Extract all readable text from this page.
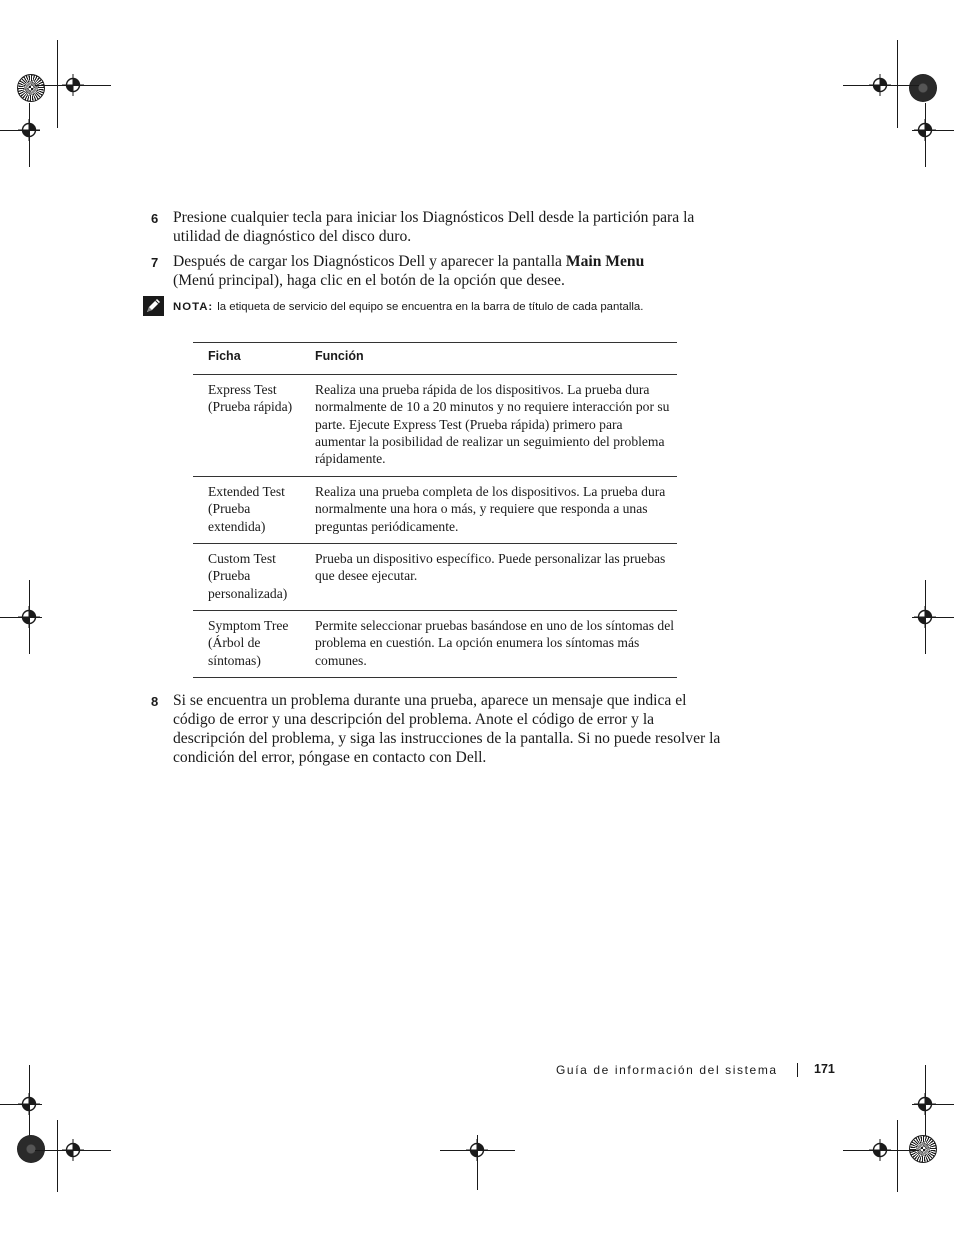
6 Presione cualquier tecla para iniciar los Diagnósticos Dell desde la partición para la utilidad de diagnóstico del disco duro.
7 Después de cargar los Diagnósticos Dell y aparecer la pantalla Main Menu (Menú principal), haga clic en el botón de la opción que desee.
NOTA: la etiqueta de servicio del equipo se encuentra en la barra de título de cada pantalla.
Ficha	Función
Express Test (Prueba rápida)
Realiza una prueba rápida de los dispositivos. La prueba dura normalmente de 10 a 20 minutos y no requiere interacción por su parte. Ejecute Express Test (Prueba rápida) primero para aumentar la posibilidad de realizar un seguimiento del problema rápidamente.
Extended Test (Prueba extendida)
Realiza una prueba completa de los dispositivos. La prueba dura normalmente una hora o más, y requiere que responda a unas preguntas periódicamente.
Custom Test (Prueba personalizada)
Prueba un dispositivo específico. Puede personalizar las pruebas que desee ejecutar.
Symptom Tree (Árbol de síntomas)
Permite seleccionar pruebas basándose en uno de los síntomas del problema en cuestión. La opción enumera los síntomas más comunes.
8 Si se encuentra un problema durante una prueba, aparece un mensaje que indica el código de error y una descripción del problema. Anote el código de error y la descripción del problema, y siga las instrucciones de la pantalla. Si no puede resolver la condición del error, póngase en contacto con Dell.
Guía de información del sistema	171
